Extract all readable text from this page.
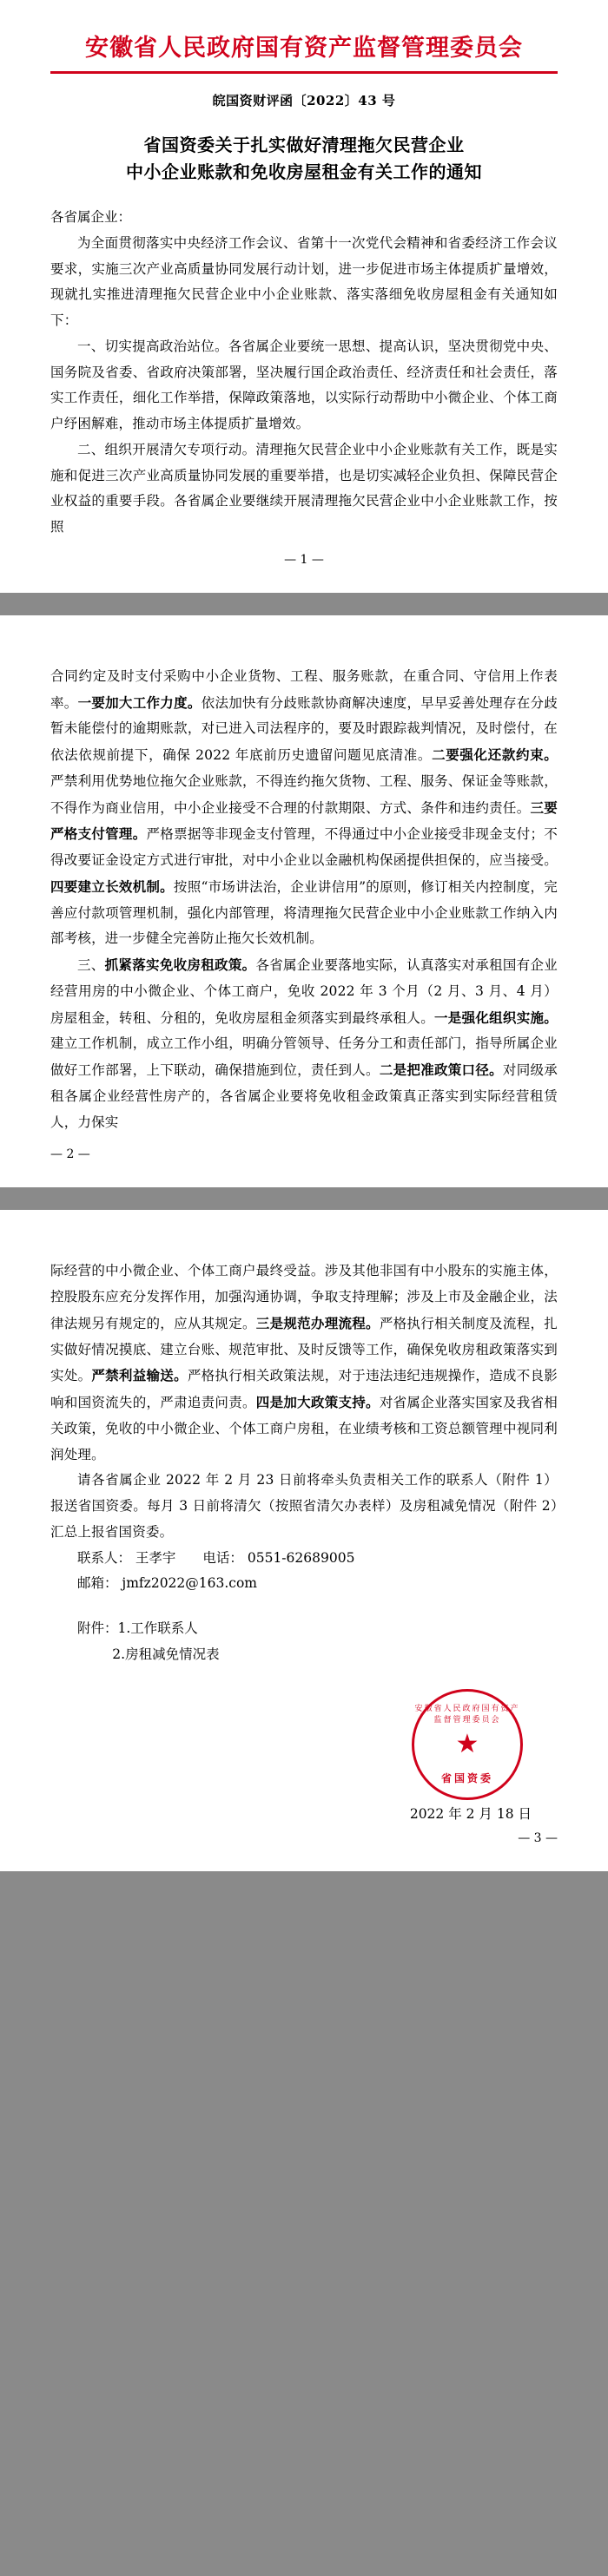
安徽省人民政府国有资产监督管理委员会
皖国资财评函〔2022〕43 号
省国资委关于扎实做好清理拖欠民营企业
中小企业账款和免收房屋租金有关工作的通知
各省属企业：

为全面贯彻落实中央经济工作会议、省第十一次党代会精神和省委经济工作会议要求，实施三次产业高质量协同发展行动计划，进一步促进市场主体提质扩量增效，现就扎实推进清理拖欠民营企业中小企业账款、落实落细免收房屋租金有关通知如下：

一、切实提高政治站位。各省属企业要统一思想、提高认识，坚决贯彻党中央、国务院及省委、省政府决策部署，坚决履行国企政治责任、经济责任和社会责任，落实工作责任，细化工作举措，保障政策落地，以实际行动帮助中小微企业、个体工商户纾困解难，推动市场主体提质扩量增效。

二、组织开展清欠专项行动。清理拖欠民营企业中小企业账款有关工作，既是实施和促进三次产业高质量协同发展的重要举措，也是切实减轻企业负担、保障民营企业权益的重要手段。各省属企业要继续开展清理拖欠民营企业中小企业账款工作，按照

— 1 —

合同约定及时支付采购中小企业货物、工程、服务账款，在重合同、守信用上作表率。一要加大工作力度。依法加快有分歧账款协商解决速度，早早妥善处理存在分歧暂未能偿付的逾期账款，对已进入司法程序的，要及时跟踪裁判情况，及时偿付，在依法依规前提下，确保 2022 年底前历史遗留问题见底清准。二要强化还款约束。严禁利用优势地位拖欠企业账款，不得连约拖欠货物、工程、服务、保证金等账款，不得作为商业信用，中小企业接受不合理的付款期限、方式、条件和违约责任。三要严格支付管理。严格票据等非现金支付管理，不得通过中小企业接受非现金支付；不得改要证金设定方式进行审批，对中小企业以金融机构保函提供担保的，应当接受。四要建立长效机制。按照“市场讲法治，企业讲信用”的原则，修订相关内控制度，完善应付款项管理机制，强化内部管理，将清理拖欠民营企业中小企业账款工作纳入内部考核，进一步健全完善防止拖欠长效机制。

三、抓紧落实免收房租政策。各省属企业要落地实际，认真落实对承租国有企业经营用房的中小微企业、个体工商户，免收 2022 年 3 个月（2 月、3 月、4 月）房屋租金，转租、分租的，免收房屋租金须落实到最终承租人。一是强化组织实施。建立工作机制，成立工作小组，明确分管领导、任务分工和责任部门，指导所属企业做好工作部署，上下联动，确保措施到位，责任到人。二是把准政策口径。对同级承租各属企业经营性房产的，各省属企业要将免收租金政策真正落实到实际经营租赁人，力保实

— 2 —

际经营的中小微企业、个体工商户最终受益。涉及其他非国有中小股东的实施主体，控股股东应充分发挥作用，加强沟通协调，争取支持理解；涉及上市及金融企业，法律法规另有规定的，应从其规定。三是规范办理流程。严格执行相关制度及流程，扎实做好情况摸底、建立台账、规范审批、及时反馈等工作，确保免收房租政策落实到实处。严禁利益输送。严格执行相关政策法规，对于违法违纪违规操作，造成不良影响和国资流失的，严肃追责问责。四是加大政策支持。对省属企业落实国家及我省相关政策，免收的中小微企业、个体工商户房租，在业绩考核和工资总额管理中视同利润处理。

请各省属企业 2022 年 2 月 23 日前将牵头负责相关工作的联系人（附件 1）报送省国资委。每月 3 日前将清欠（按照省清欠办表样）及房租减免情况（附件 2）汇总上报省国资委。

联系人： 王孝宇　　电话： 0551-62689005

邮箱： jmfz2022@163.com

附件：1.工作联系人

2.房租减免情况表

安徽省人民政府国有资产监督管理委员会
★
省国资委
2022 年 2 月 18 日
— 3 —
